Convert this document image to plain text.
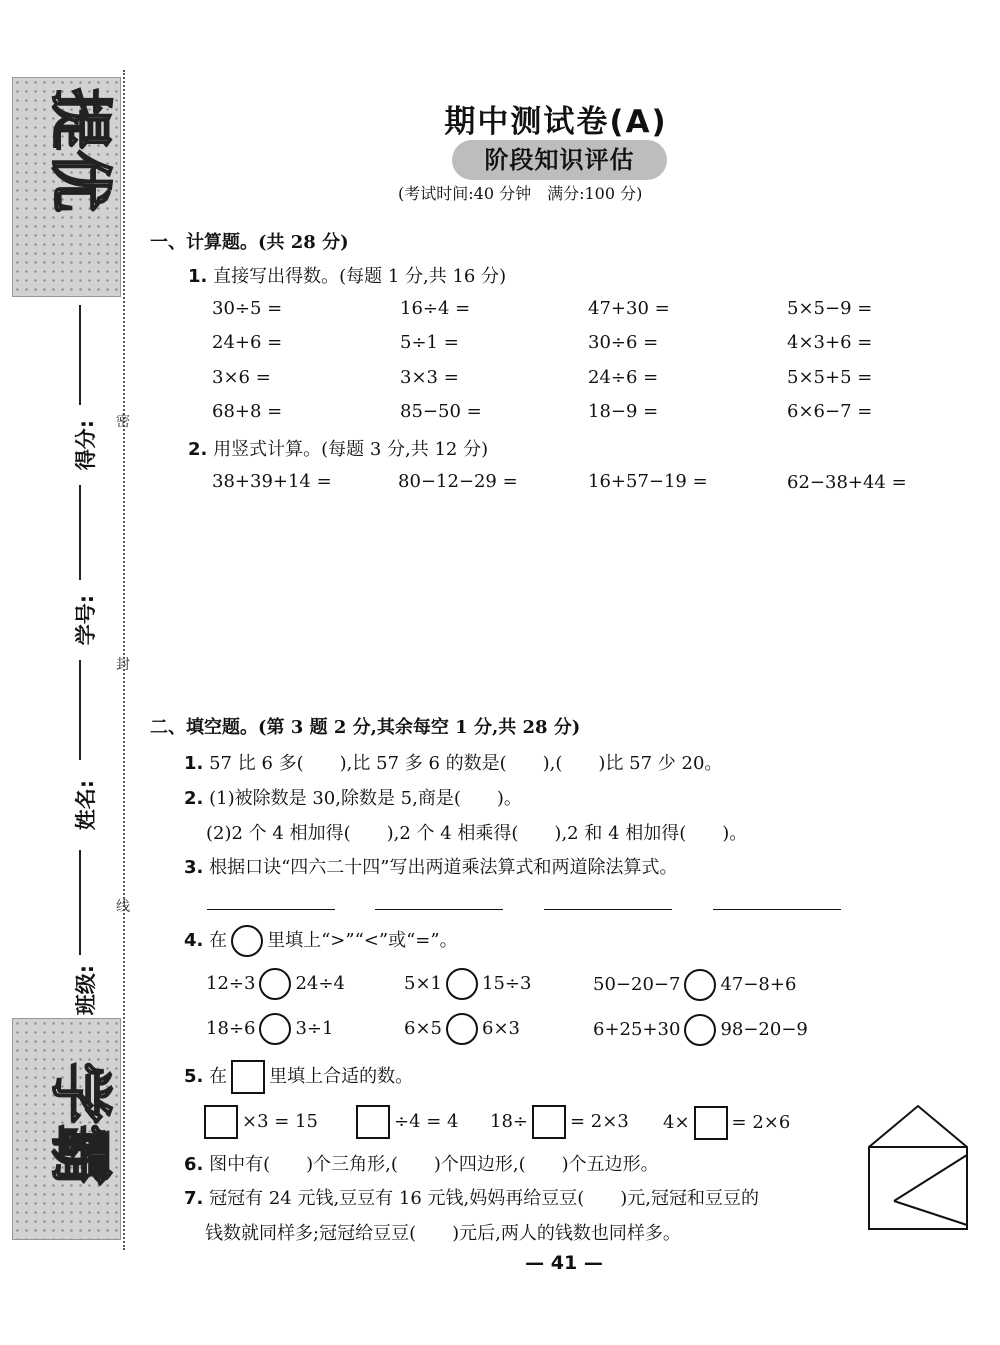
提优
学霸
得分:
学号:
姓名:
班级:
密
封
线
期中测试卷(A)
阶段知识评估
(考试时间:40 分钟　满分:100 分)
一、计算题。(共 28 分)
1. 直接写出得数。(每题 1 分,共 16 分)
30÷5 =	16÷4 =	47+30 =	5×5−9 =
24+6 =	5÷1 =	30÷6 =	4×3+6 =
3×6 =	3×3 =	24÷6 =	5×5+5 =
68+8 =	85−50 =	18−9 =	6×6−7 =
2. 用竖式计算。(每题 3 分,共 12 分)
38+39+14 =	80−12−29 =	16+57−19 =	62−38+44 =
二、填空题。(第 3 题 2 分,其余每空 1 分,共 28 分)
1. 57 比 6 多(　　),比 57 多 6 的数是(　　),(　　)比 57 少 20。
2. (1)被除数是 30,除数是 5,商是(　　)。
(2)2 个 4 相加得(　　),2 个 4 相乘得(　　),2 和 4 相加得(　　)。
3. 根据口诀“四六二十四”写出两道乘法算式和两道除法算式。
4. 在 里填上“>”“<”或“=”。
12÷3 24÷4	5×1 15÷3	50−20−7 47−8+6
18÷6 3÷1	6×5 6×3	6+25+30 98−20−9
5. 在 里填上合适的数。
×3 = 15	÷4 = 4 18÷ = 2×3 4× = 2×6
6. 图中有(　　)个三角形,(　　)个四边形,(　　)个五边形。
7. 冠冠有 24 元钱,豆豆有 16 元钱,妈妈再给豆豆(　　)元,冠冠和豆豆的
钱数就同样多;冠冠给豆豆(　　)元后,两人的钱数也同样多。
— 41 —
